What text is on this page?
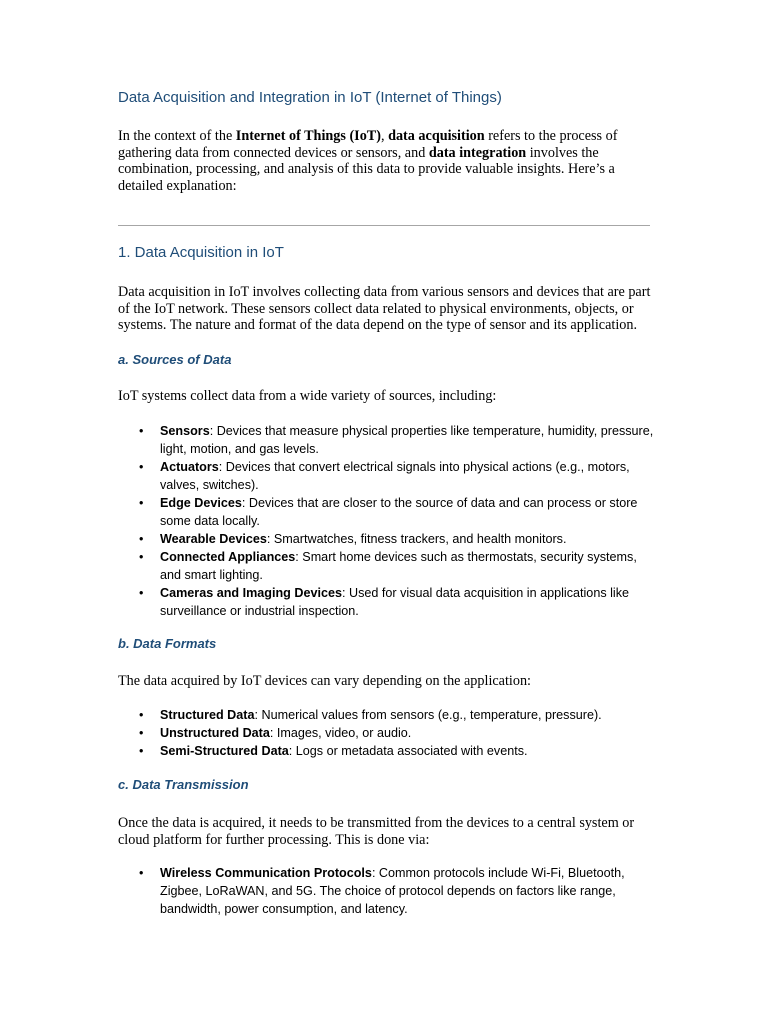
Data Acquisition and Integration in IoT (Internet of Things)

In the context of the Internet of Things (IoT), data acquisition refers to the process of gathering data from connected devices or sensors, and data integration involves the combination, processing, and analysis of this data to provide valuable insights. Here’s a detailed explanation:

1. Data Acquisition in IoT

Data acquisition in IoT involves collecting data from various sensors and devices that are part of the IoT network. These sensors collect data related to physical environments, objects, or systems. The nature and format of the data depend on the type of sensor and its application.

a. Sources of Data

IoT systems collect data from a wide variety of sources, including:

• Sensors: Devices that measure physical properties like temperature, humidity, pressure, light, motion, and gas levels.
• Actuators: Devices that convert electrical signals into physical actions (e.g., motors, valves, switches).
• Edge Devices: Devices that are closer to the source of data and can process or store some data locally.
• Wearable Devices: Smartwatches, fitness trackers, and health monitors.
• Connected Appliances: Smart home devices such as thermostats, security systems, and smart lighting.
• Cameras and Imaging Devices: Used for visual data acquisition in applications like surveillance or industrial inspection.
b. Data Formats

The data acquired by IoT devices can vary depending on the application:

• Structured Data: Numerical values from sensors (e.g., temperature, pressure).
• Unstructured Data: Images, video, or audio.
• Semi-Structured Data: Logs or metadata associated with events.
c. Data Transmission

Once the data is acquired, it needs to be transmitted from the devices to a central system or cloud platform for further processing. This is done via:

• Wireless Communication Protocols: Common protocols include Wi-Fi, Bluetooth, Zigbee, LoRaWAN, and 5G. The choice of protocol depends on factors like range, bandwidth, power consumption, and latency.
